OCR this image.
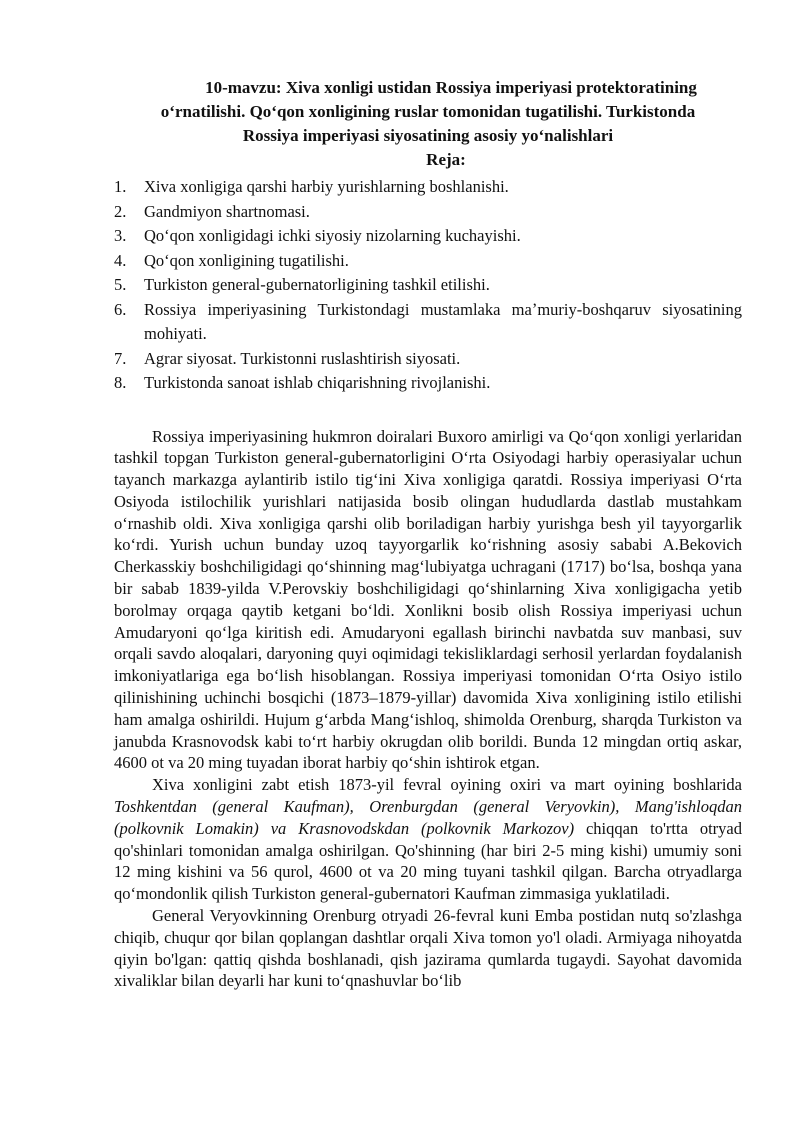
10-mavzu: Xiva xonligi ustidan Rossiya imperiyasi protektoratining
oʻrnatilishi. Qoʻqon xonligining ruslar tomonidan tugatilishi. Turkistonda
Rossiya imperiyasi siyosatining asosiy yoʻnalishlari
Reja:
1. Xiva xonligiga qarshi harbiy yurishlarning boshlanishi.
2. Gandmiyon shartnomasi.
3. Qoʻqon xonligidagi ichki siyosiy nizolarning kuchayishi.
4. Qoʻqon xonligining tugatilishi.
5. Turkiston general-gubernatorligining tashkil etilishi.
6. Rossiya imperiyasining Turkistondagi mustamlaka maʼmuriy-boshqaruv siyosatining mohiyati.
7. Agrar siyosat. Turkistonni ruslashtirish siyosati.
8. Turkistonda sanoat ishlab chiqarishning rivojlanishi.

Rossiya imperiyasining hukmron doiralari Buxoro amirligi va Qoʻqon xonligi yerlaridan tashkil topgan Turkiston general-gubernatorligini Oʻrta Osiyodagi harbiy operasiyalar uchun tayanch markazga aylantirib istilo tigʻini Xiva xonligiga qaratdi. Rossiya imperiyasi Oʻrta Osiyoda istilochilik yurishlari natijasida bosib olingan hududlarda dastlab mustahkam oʻrnashib oldi. Xiva xonligiga qarshi olib boriladigan harbiy yurishga besh yil tayyorgarlik koʻrdi. Yurish uchun bunday uzoq tayyorgarlik koʻrishning asosiy sababi A.Bekovich Cherkasskiy boshchiligidagi qoʻshinning magʻlubiyatga uchragani (1717) boʻlsa, boshqa yana bir sabab 1839-yilda V.Perovskiy boshchiligidagi qoʻshinlarning Xiva xonligigacha yetib borolmay orqaga qaytib ketgani boʻldi. Xonlikni bosib olish Rossiya imperiyasi uchun Amudaryoni qoʻlga kiritish edi. Amudaryoni egallash birinchi navbatda suv manbasi, suv orqali savdo aloqalari, daryoning quyi oqimidagi tekisliklardagi serhosil yerlardan foydalanish imkoniyatlariga ega boʻlish hisoblangan. Rossiya imperiyasi tomonidan Oʻrta Osiyo istilo qilinishining uchinchi bosqichi (1873–1879-yillar) davomida Xiva xonligining istilo etilishi ham amalga oshirildi. Hujum gʻarbda Mangʻishloq, shimolda Orenburg, sharqda Turkiston va janubda Krasnovodsk kabi toʻrt harbiy okrugdan olib borildi. Bunda 12 mingdan ortiq askar, 4600 ot va 20 ming tuyadan iborat harbiy qoʻshin ishtirok etgan.

Xiva xonligini zabt etish 1873-yil fevral oyining oxiri va mart oyining boshlarida Toshkentdan (general Kaufman), Orenburgdan (general Veryovkin), Mang'ishloqdan (polkovnik Lomakin) va Krasnovodskdan (polkovnik Markozov) chiqqan to'rtta otryad qo'shinlari tomonidan amalga oshirilgan. Qo'shinning (har biri 2-5 ming kishi) umumiy soni 12 ming kishini va 56 qurol, 4600 ot va 20 ming tuyani tashkil qilgan. Barcha otryadlarga qoʻmondonlik qilish Turkiston general-gubernatori Kaufman zimmasiga yuklatiladi.

General Veryovkinning Orenburg otryadi 26-fevral kuni Emba postidan nutq so'zlashga chiqib, chuqur qor bilan qoplangan dashtlar orqali Xiva tomon yo'l oladi. Armiyaga nihoyatda qiyin bo'lgan: qattiq qishda boshlanadi, qish jazirama qumlarda tugaydi. Sayohat davomida xivaliklar bilan deyarli har kuni toʻqnashuvlar boʻlib
